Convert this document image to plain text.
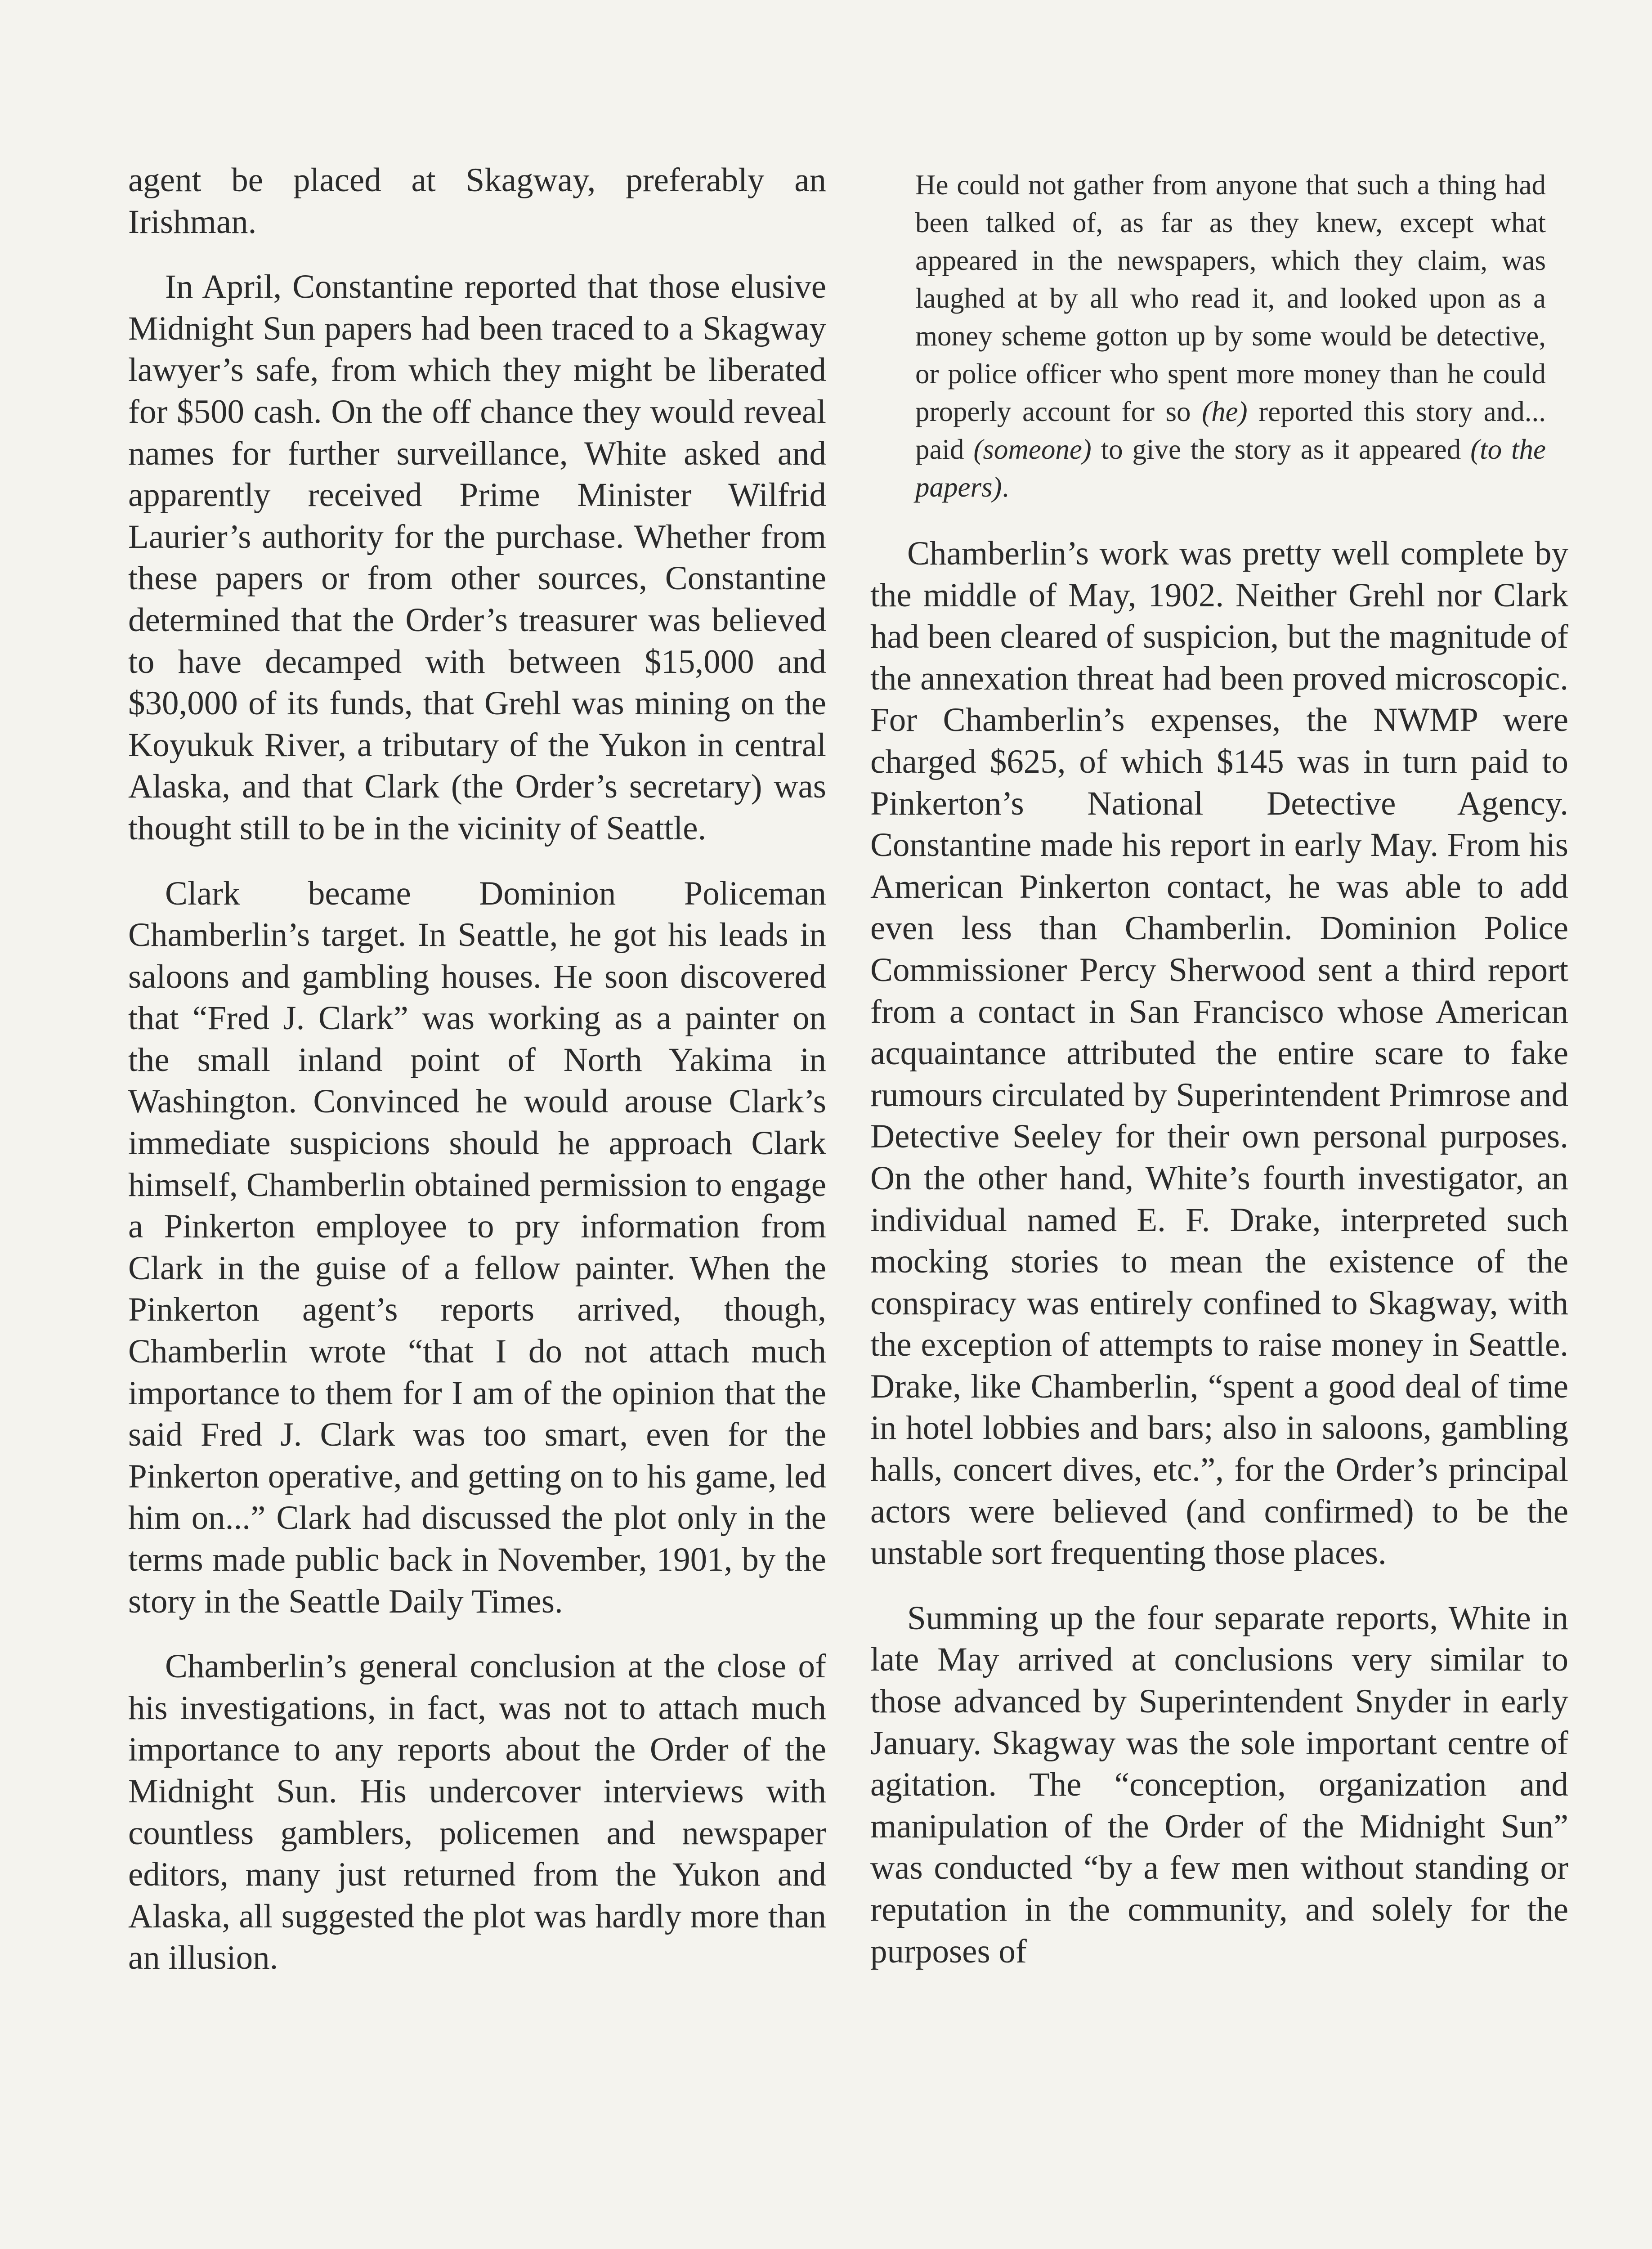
agent be placed at Skagway, preferably an Irishman.

In April, Constantine reported that those elusive Midnight Sun papers had been traced to a Skagway lawyer’s safe, from which they might be liberated for $500 cash. On the off chance they would reveal names for further surveillance, White asked and apparently received Prime Minister Wilfrid Laurier’s authority for the purchase. Whether from these papers or from other sources, Constantine determined that the Order’s treasurer was believed to have decamped with between $15,000 and $30,000 of its funds, that Grehl was mining on the Koyukuk River, a tributary of the Yukon in central Alaska, and that Clark (the Order’s secretary) was thought still to be in the vicinity of Seattle.

Clark became Dominion Policeman Chamberlin’s target. In Seattle, he got his leads in saloons and gambling houses. He soon discovered that “Fred J. Clark” was working as a painter on the small inland point of North Yakima in Washington. Convinced he would arouse Clark’s immediate suspicions should he approach Clark himself, Chamberlin obtained permission to engage a Pinkerton employee to pry information from Clark in the guise of a fellow painter. When the Pinkerton agent’s reports arrived, though, Chamberlin wrote “that I do not attach much importance to them for I am of the opinion that the said Fred J. Clark was too smart, even for the Pinkerton operative, and getting on to his game, led him on...” Clark had discussed the plot only in the terms made public back in November, 1901, by the story in the Seattle Daily Times.

Chamberlin’s general conclusion at the close of his investigations, in fact, was not to attach much importance to any reports about the Order of the Midnight Sun. His undercover interviews with countless gamblers, policemen and newspaper editors, many just returned from the Yukon and Alaska, all suggested the plot was hardly more than an illusion.

He could not gather from anyone that such a thing had been talked of, as far as they knew, except what appeared in the newspapers, which they claim, was laughed at by all who read it, and looked upon as a money scheme gotton up by some would be detective, or police officer who spent more money than he could properly account for so (he) reported this story and... paid (someone) to give the story as it appeared (to the papers).

Chamberlin’s work was pretty well complete by the middle of May, 1902. Neither Grehl nor Clark had been cleared of suspicion, but the magnitude of the annexation threat had been proved microscopic. For Chamberlin’s expenses, the NWMP were charged $625, of which $145 was in turn paid to Pinkerton’s National Detective Agency. Constantine made his report in early May. From his American Pinkerton contact, he was able to add even less than Chamberlin. Dominion Police Commissioner Percy Sherwood sent a third report from a contact in San Francisco whose American acquaintance attributed the entire scare to fake rumours circulated by Superintendent Primrose and Detective Seeley for their own personal purposes. On the other hand, White’s fourth investigator, an individual named E. F. Drake, interpreted such mocking stories to mean the existence of the conspiracy was entirely confined to Skagway, with the exception of attempts to raise money in Seattle. Drake, like Chamberlin, “spent a good deal of time in hotel lobbies and bars; also in saloons, gambling halls, concert dives, etc.”, for the Order’s principal actors were believed (and confirmed) to be the unstable sort frequenting those places.

Summing up the four separate reports, White in late May arrived at conclusions very similar to those advanced by Superintendent Snyder in early January. Skagway was the sole important centre of agitation. The “conception, organization and manipulation of the Order of the Midnight Sun” was conducted “by a few men without standing or reputation in the community, and solely for the purposes of
